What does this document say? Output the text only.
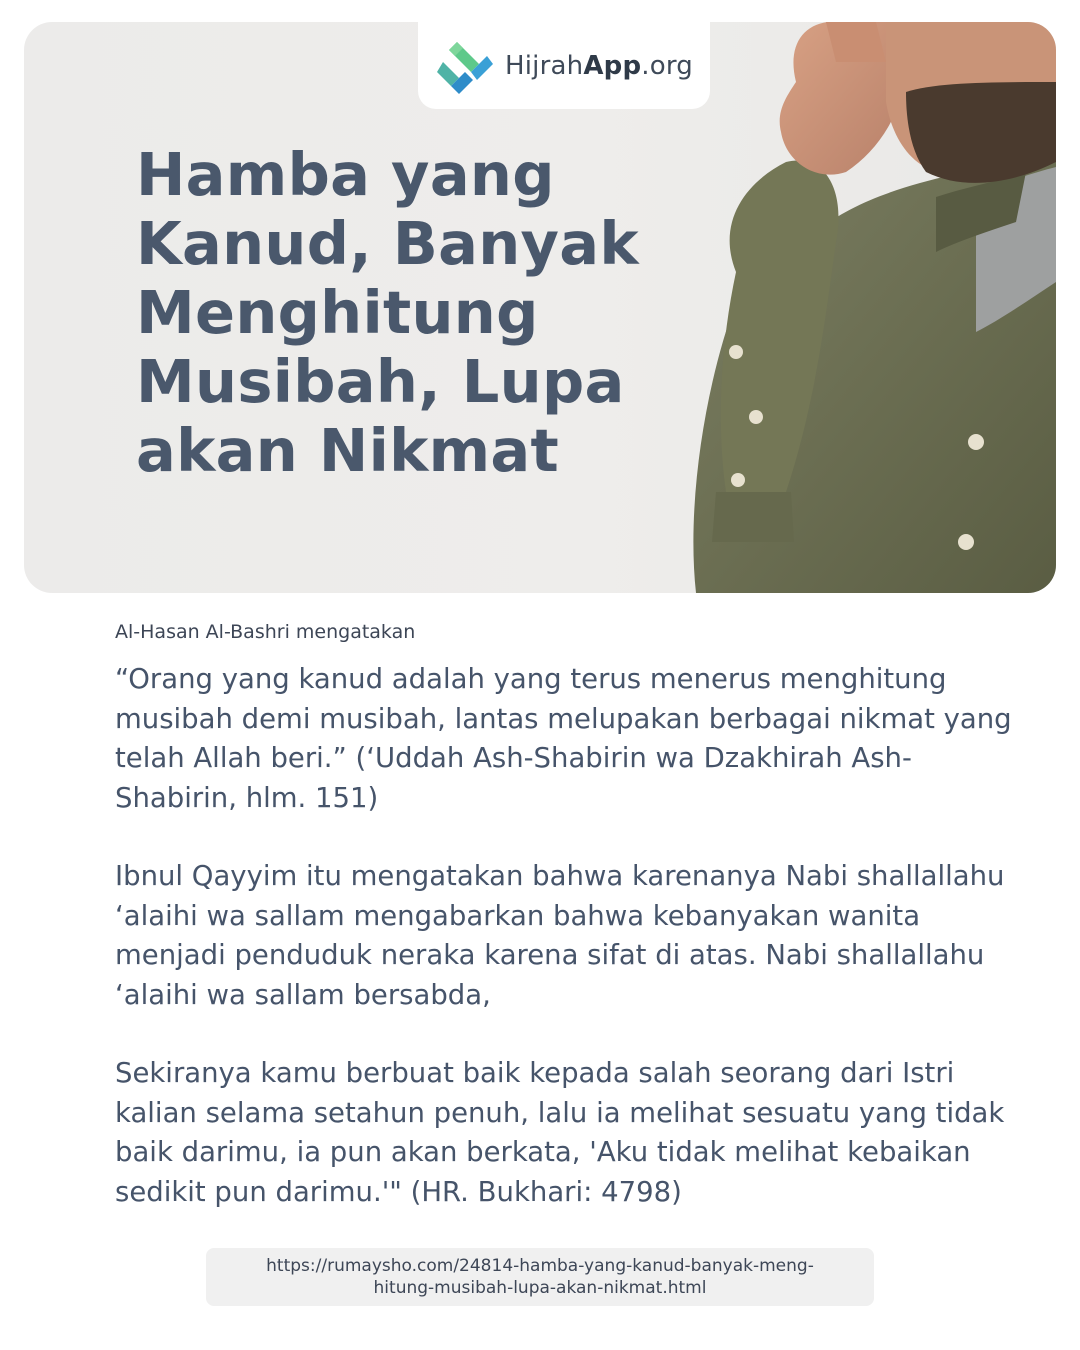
HijrahApp.org
Hamba yang Kanud, Banyak Menghitung Musibah, Lupa akan Nikmat
Al-Hasan Al-Bashri mengatakan

“Orang yang kanud adalah yang terus menerus menghitung musibah demi musibah, lantas melupakan berbagai nikmat yang telah Allah beri.” (‘Uddah Ash-Shabirin wa Dzakhirah Ash-Shabirin, hlm. 151)

Ibnul Qayyim itu mengatakan bahwa karenanya Nabi shallallahu ‘alaihi wa sallam mengabarkan bahwa kebanyakan wanita menjadi penduduk neraka karena sifat di atas. Nabi shallallahu ‘alaihi wa sallam bersabda,

Sekiranya kamu berbuat baik kepada salah seorang dari Istri kalian selama setahun penuh, lalu ia melihat sesuatu yang tidak baik darimu, ia pun akan berkata, 'Aku tidak melihat kebaikan sedikit pun darimu.'" (HR. Bukhari: 4798)

https://rumaysho.com/24814-hamba-yang-kanud-banyak-meng-
hitung-musibah-lupa-akan-nikmat.html
